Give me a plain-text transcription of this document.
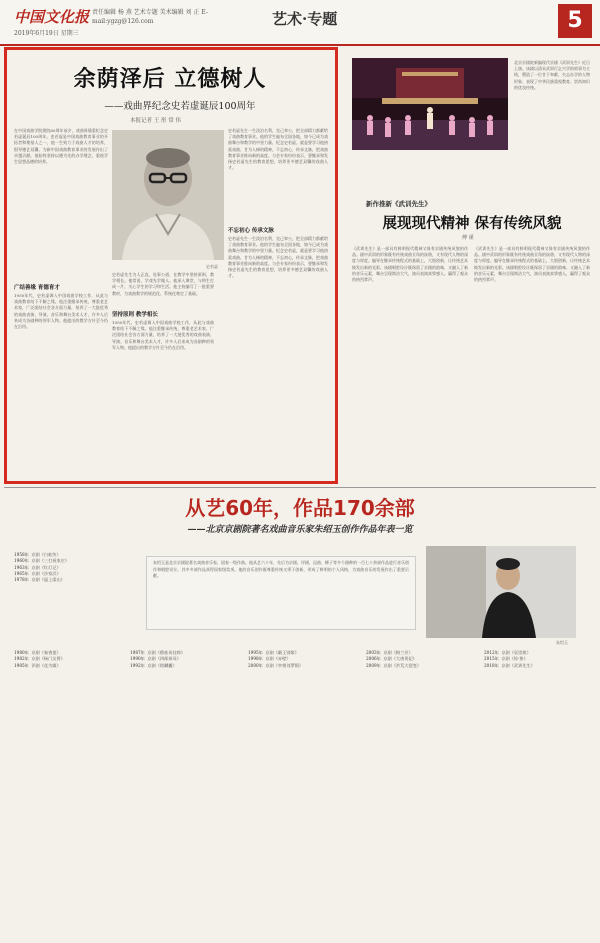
中国文化报
2019年6月19日 星期三
责任编辑 杨 燕 艺术专题 美术编辑 刘 正 E-mail:ygzg@126.com	艺术·专题	5
余荫泽后 立德树人
——戏曲界纪念史若虚诞辰100周年
本报记者 王 彤 常 伟
在中国戏曲学院建院60周年前夕，戏曲界隆重纪念史若虚诞辰100周年。史若虚是中国戏曲教育事业的开拓者和奠基人之一，他一生致力于戏曲人才的培养，倡导德艺双馨，为新中国戏曲教育事业的发展作出了卓越贡献。他始终坚持以德为先的办学理念，重视学生思想品德的培养。
广结善缘 育德育才
1950年代，史若虚调入中国戏曲学校工作，从此与戏曲教育结下不解之缘。他注重继承传统，尊重老艺术家，广泛团结社会各方面力量，培养了一大批优秀的戏曲表演、导演、音乐和舞台美术人才，许多人后来成为各剧种的领军人物。他提出的教学方针至今仍在沿用。
史若虚
史若虚先生为人正直，处事公道，在教学中坚持原则，教学相长。他常说，学戏先学做人。他深入课堂，与师生打成一片，关心学生的学习和生活。他主持编写了一批重要教材，为戏曲教学的规范化、系统化奠定了基础。
坚持原则 教学相长
1950年代，史若虚调入中国戏曲学校工作，从此与戏曲教育结下不解之缘。他注重继承传统，尊重老艺术家，广泛团结社会各方面力量，培养了一大批优秀的戏曲表演、导演、音乐和舞台美术人才，许多人后来成为各剧种的领军人物。他提出的教学方针至今仍在沿用。
史若虚先生一生淡泊名利，克己奉公，把全部精力都献给了戏曲教育事业。他的学生遍布全国各地，如今已成为戏曲舞台和教学的中坚力量。纪念史若虚，就是要学习他热爱戏曲、甘为人梯的精神，不忘初心，传承文脉，把戏曲教育事业推向新的高度。与会专家纷纷表示，要继承和发扬史若虚先生的教育思想，培养更多德艺双馨的戏曲人才。
不忘初心 传承文脉
史若虚先生一生淡泊名利，克己奉公，把全部精力都献给了戏曲教育事业。他的学生遍布全国各地，如今已成为戏曲舞台和教学的中坚力量。纪念史若虚，就是要学习他热爱戏曲、甘为人梯的精神，不忘初心，传承文脉，把戏曲教育事业推向新的高度。与会专家纷纷表示，要继承和发扬史若虚先生的教育思想，培养更多德艺双馨的戏曲人才。
北京京剧院新编现代京剧《武训先生》近日上演。该剧以清末武训行乞兴学的故事为主线，塑造了一位甘于奉献、矢志办学的人物形象，表现了中华民族重视教育、崇尚知识的优良传统。
新作推新《武训先生》
展现现代精神 保有传统风貌
傅 谨
《武训先生》是一部具有鲜明现代精神又保有京剧传统风貌的作品。剧中武训的形象既有传统戏曲丑角的诙谐，又有现代人物的深度与厚度。编导在继承传统程式的基础上，大胆创新，让传统艺术焕发出新的光彩。该剧唱腔设计既保留了京剧的韵味，又融入了新的音乐元素，舞台呈现简洁大气，演员表演真挚感人，赢得了观众的热烈掌声。
《武训先生》是一部具有鲜明现代精神又保有京剧传统风貌的作品。剧中武训的形象既有传统戏曲丑角的诙谐，又有现代人物的深度与厚度。编导在继承传统程式的基础上，大胆创新，让传统艺术焕发出新的光彩。该剧唱腔设计既保留了京剧的韵味，又融入了新的音乐元素，舞台呈现简洁大气，演员表演真挚感人，赢得了观众的热烈掌声。
从艺60年，作品170余部
——北京京剧院著名戏曲音乐家朱绍玉创作作品年表一览
朱绍玉是北京京剧院著名戏曲音乐家，国家一级作曲。他从艺六十年，先后为京剧、评剧、昆曲、梆子等多个剧种的一百七十余部作品进行音乐创作和唱腔设计，其中多部作品获得国家级奖项。他的音乐创作既尊重传统又勇于创新，形成了鲜明的个人风格，为戏曲音乐的发展作出了重要贡献。
朱绍玉
1958年 京剧《白蛇传》
1960年 京剧《三打祝家庄》
1963年 京剧《红灯记》
1965年 京剧《沙家浜》
1978年 京剧《逼上梁山》
1980年 京剧《秦香莲》
1982年 京剧《杨门女将》
1985年 评剧《花为媒》
1987年 京剧《穆桂英挂帅》
1990年 京剧《四郎探母》
1992年 京剧《锁麟囊》
1995年 京剧《霸王别姬》
1998年 京剧《赤壁》
2000年 京剧《宰相刘罗锅》
2003年 京剧《梅兰芳》
2006年 京剧《大唐贵妃》
2009年 京剧《洪荒大裂变》
2012年 京剧《袁崇焕》
2015年 京剧《惊·蛰》
2018年 京剧《武训先生》
